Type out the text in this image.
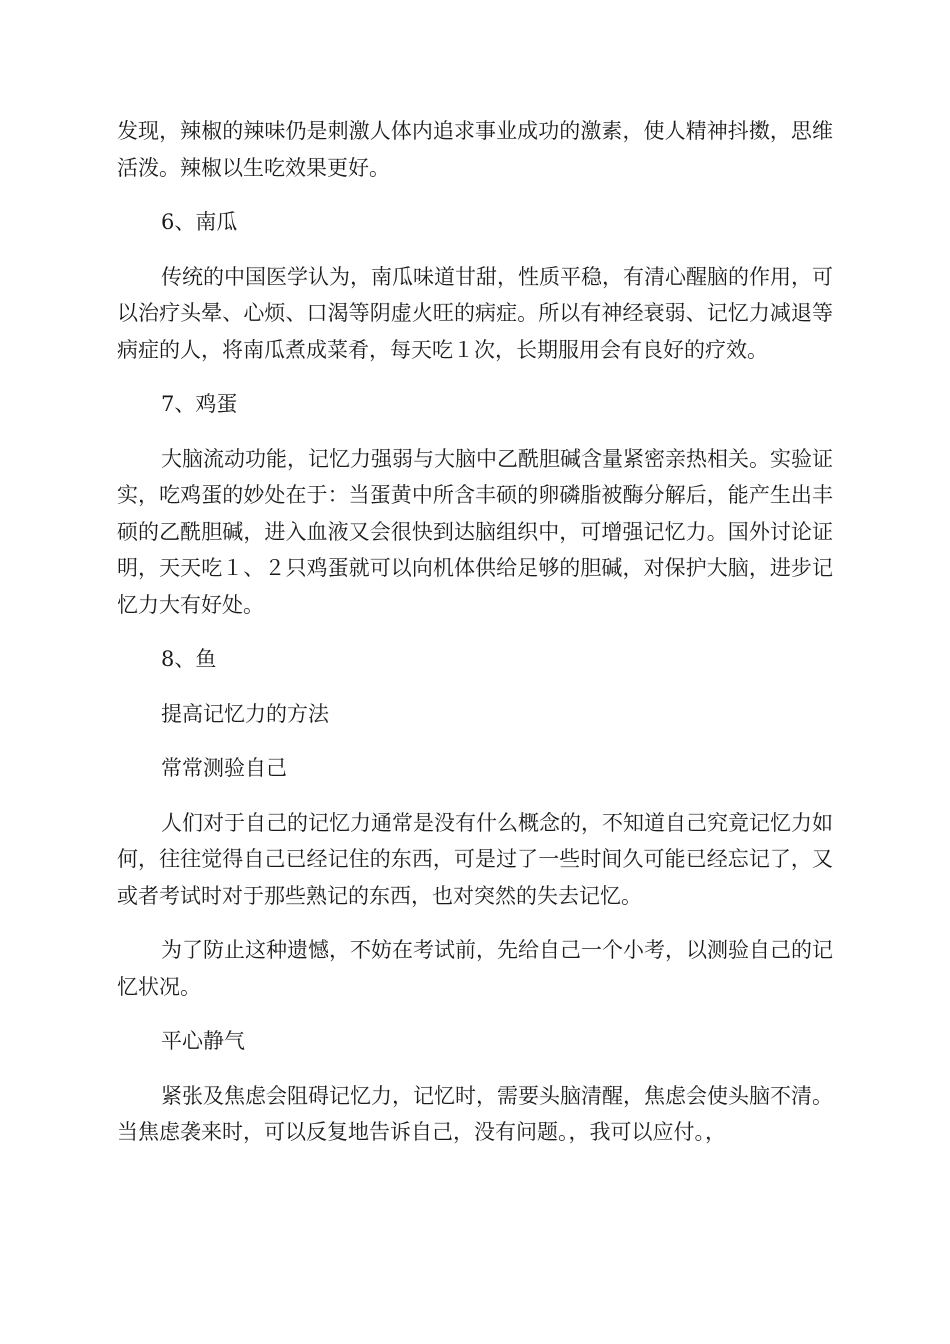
发现，辣椒的辣味仍是刺激人体内追求事业成功的激素，使人精神抖擞，思维活泼。辣椒以生吃效果更好。

6、南瓜

传统的中国医学认为，南瓜味道甘甜，性质平稳，有清心醒脑的作用，可以治疗头晕、心烦、口渴等阴虚火旺的病症。所以有神经衰弱、记忆力减退等病症的人，将南瓜煮成菜肴，每天吃１次，长期服用会有良好的疗效。

7、鸡蛋

大脑流动功能，记忆力强弱与大脑中乙酰胆碱含量紧密亲热相关。实验证实，吃鸡蛋的妙处在于：当蛋黄中所含丰硕的卵磷脂被酶分解后，能产生出丰硕的乙酰胆碱，进入血液又会很快到达脑组织中，可增强记忆力。国外讨论证明，天天吃１、２只鸡蛋就可以向机体供给足够的胆碱，对保护大脑，进步记忆力大有好处。

8、鱼

提高记忆力的方法

常常测验自己

人们对于自己的记忆力通常是没有什么概念的，不知道自己究竟记忆力如何，往往觉得自己已经记住的东西，可是过了一些时间久可能已经忘记了，又或者考试时对于那些熟记的东西，也对突然的失去记忆。

为了防止这种遗憾，不妨在考试前，先给自己一个小考，以测验自己的记忆状况。

平心静气

紧张及焦虑会阻碍记忆力，记忆时，需要头脑清醒，焦虑会使头脑不清。当焦虑袭来时，可以反复地告诉自己，没有问题。，我可以应付。，
